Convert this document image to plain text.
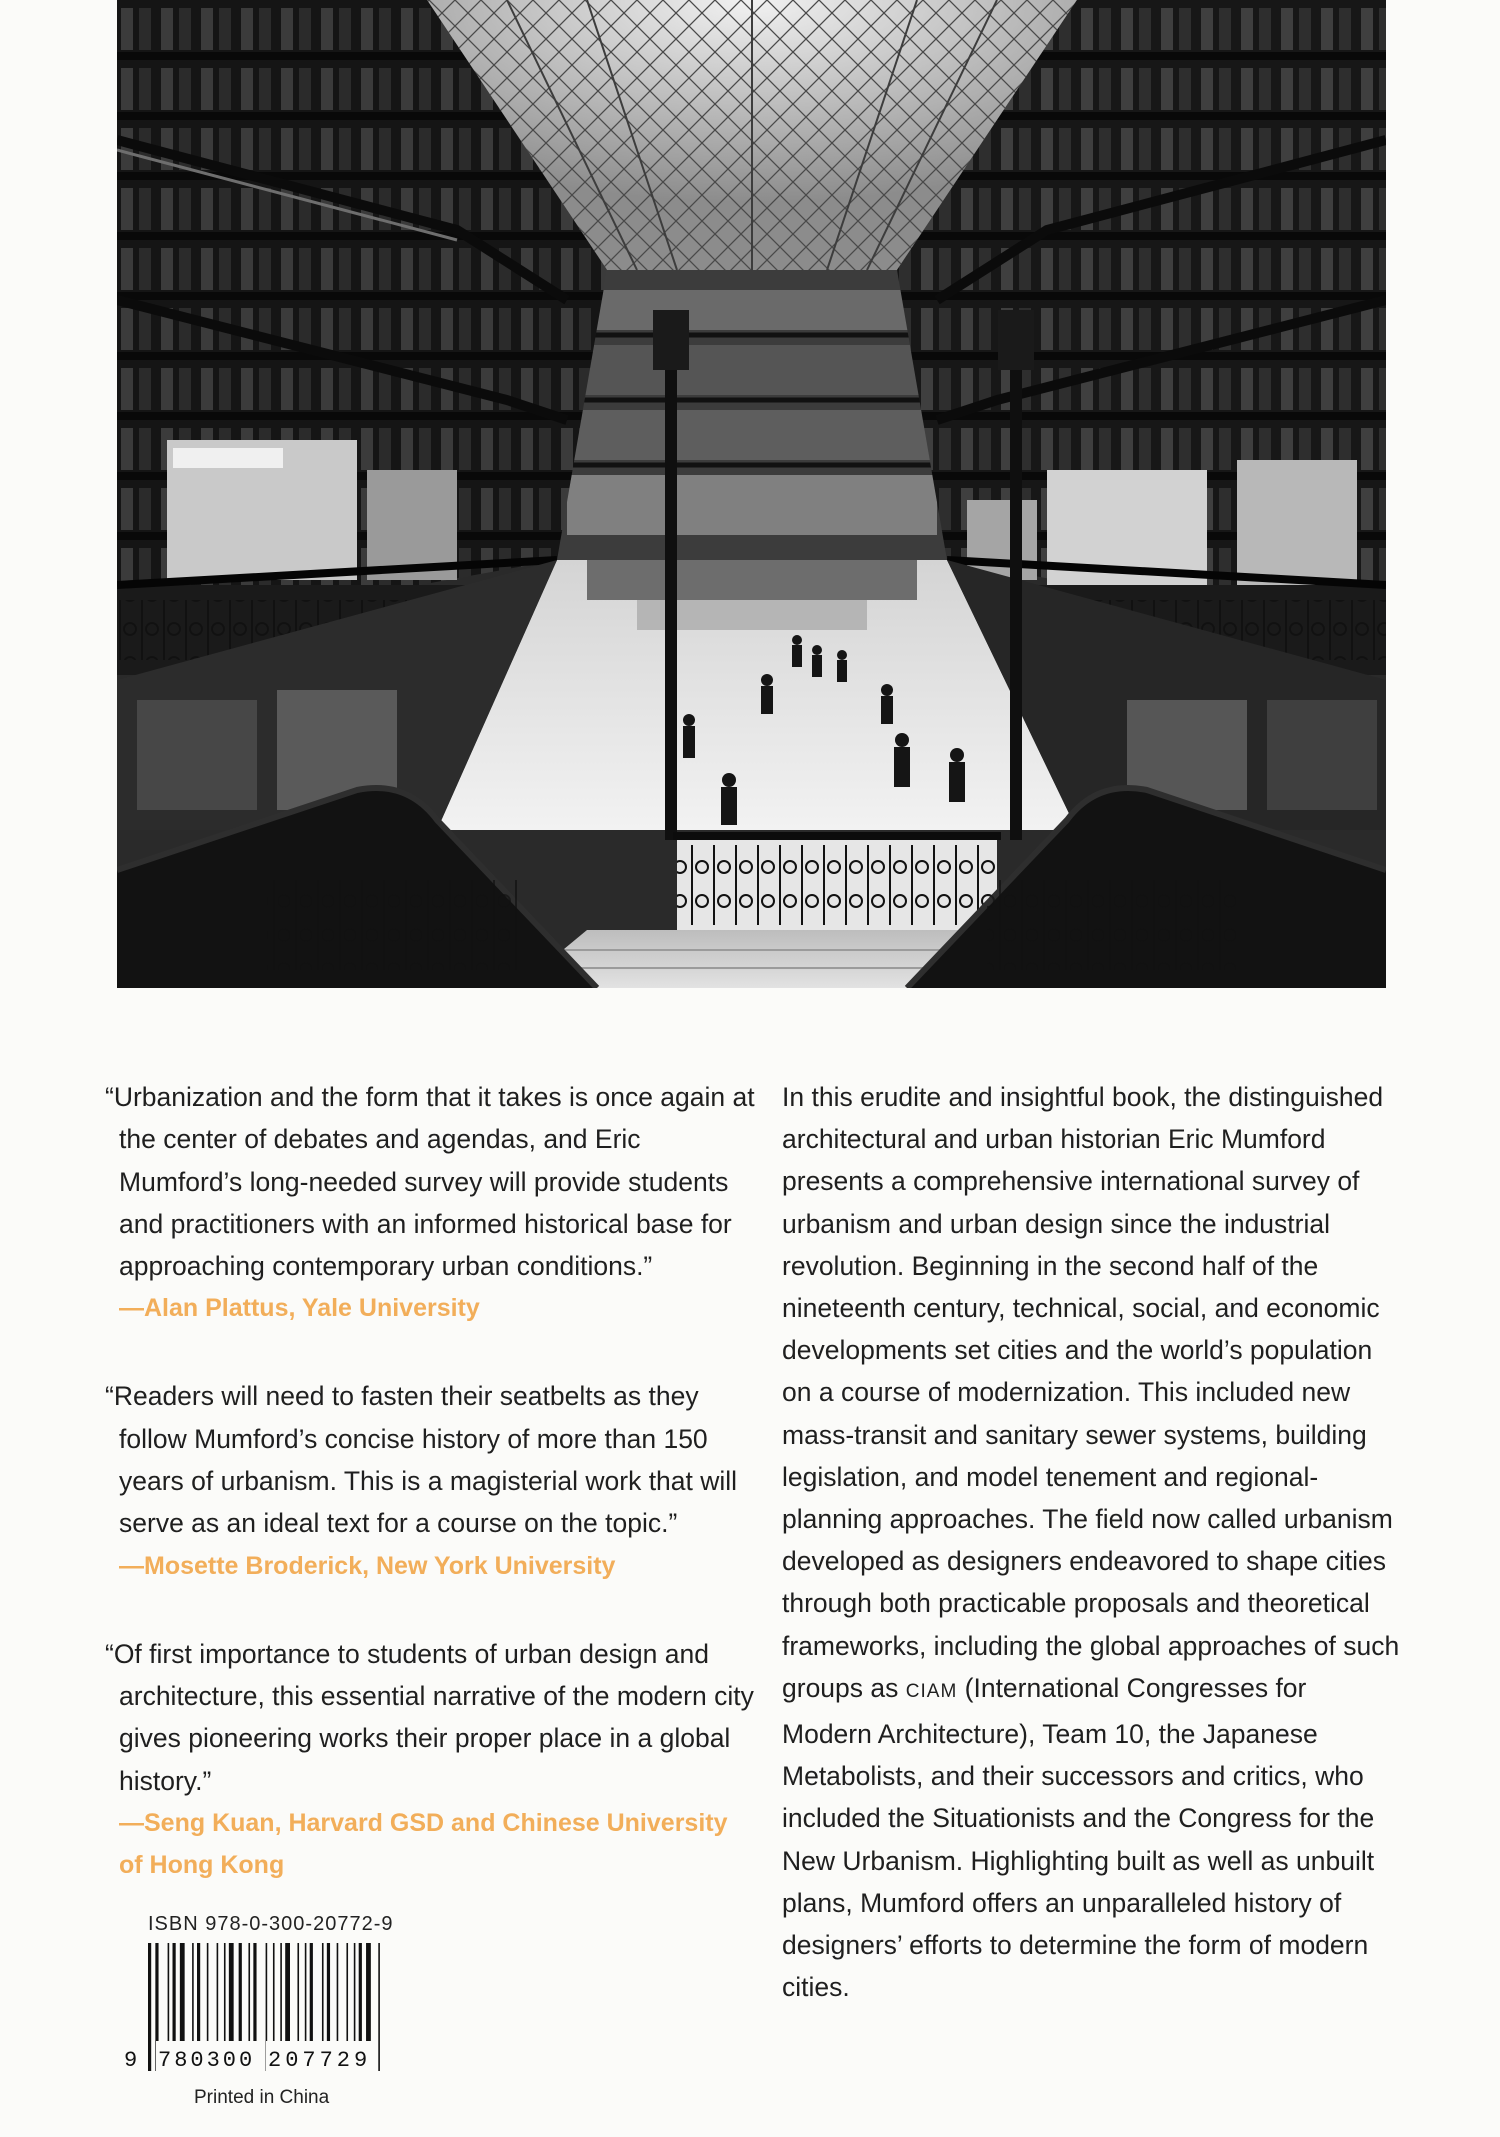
“Urbanization and the form that it takes is once again at the center of debates and agendas, and Eric Mumford’s long-needed survey will provide students and practitioners with an informed historical base for approaching contemporary urban conditions.”

—Alan Plattus, Yale University

“Readers will need to fasten their seatbelts as they follow Mumford’s concise history of more than 150 years of urbanism. This is a magisterial work that will serve as an ideal text for a course on the topic.”

—Mosette Broderick, New York University

“Of first importance to students of urban design and architecture, this essential narrative of the modern city gives pioneering works their proper place in a global history.”

—Seng Kuan, Harvard GSD and Chinese University of Hong Kong

In this erudite and insightful book, the distinguished architectural and urban historian Eric Mumford presents a comprehensive international survey of urbanism and urban design since the industrial revolution. Beginning in the second half of the nineteenth century, technical, social, and economic developments set cities and the world’s population on a course of modernization. This included new mass-transit and sanitary sewer systems, building legislation, and model tenement and regional-planning approaches. The field now called urbanism developed as designers endeavored to shape cities through both practicable proposals and theoretical frameworks, including the global approaches of such groups as CIAM (International Congresses for Modern Architecture), Team 10, the Japanese Metabolists, and their successors and critics, who included the Situationists and the Congress for the New Urbanism. Highlighting built as well as unbuilt plans, Mumford offers an unparalleled history of designers’ efforts to determine the form of modern cities.

ISBN 978-0-300-20772-9
9 780300 207729
Printed in China
